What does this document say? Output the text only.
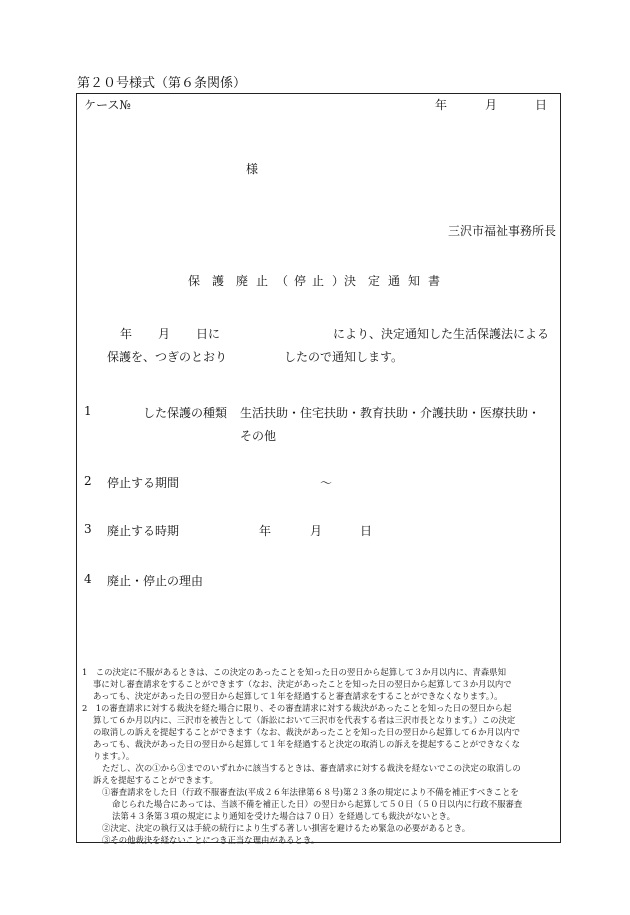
第２０号様式（第６条関係）
ケース№	年	月	日
様
三沢市福祉事務所長
保 護 廃 止 （ 停 止 ）決 定 通 知 書
年 月 日に	により、決定通知した生活保護法による
保護を、つぎのとおり	したので通知します。
1	した保護の種類 生活扶助・住宅扶助・教育扶助・介護扶助・医療扶助・
その他
2 停止する期間	～
3 廃止する時期	年	月	日
4 廃止・停止の理由
1　この決定に不服があるときは、この決定のあったことを知った日の翌日から起算して３か月以内に、青森県知
事に対し審査請求をすることができます（なお、決定があったことを知った日の翌日から起算して３か月以内で
あっても、決定があった日の翌日から起算して１年を経過すると審査請求をすることができなくなります。）。
2　1の審査請求に対する裁決を経た場合に限り、その審査請求に対する裁決があったことを知った日の翌日から起
算して６か月以内に、三沢市を被告として（訴訟において三沢市を代表する者は三沢市長となります。）この決定
の取消しの訴えを提起することができます（なお、裁決があったことを知った日の翌日から起算して６か月以内で
あっても、裁決があった日の翌日から起算して１年を経過すると決定の取消しの訴えを提起することができなくな
ります。）。
ただし、次の①から③までのいずれかに該当するときは、審査請求に対する裁決を経ないでこの決定の取消しの
訴えを提起することができます。
①審査請求をした日（行政不服審査法(平成２６年法律第６８号)第２３条の規定により不備を補正すべきことを
命じられた場合にあっては、当該不備を補正した日）の翌日から起算して５０日（５０日以内に行政不服審査
法第４３条第３項の規定により通知を受けた場合は７０日）を経過しても裁決がないとき。
②決定、決定の執行又は手続の続行により生ずる著しい損害を避けるため緊急の必要があるとき。
③その他裁決を経ないことにつき正当な理由があるとき。
